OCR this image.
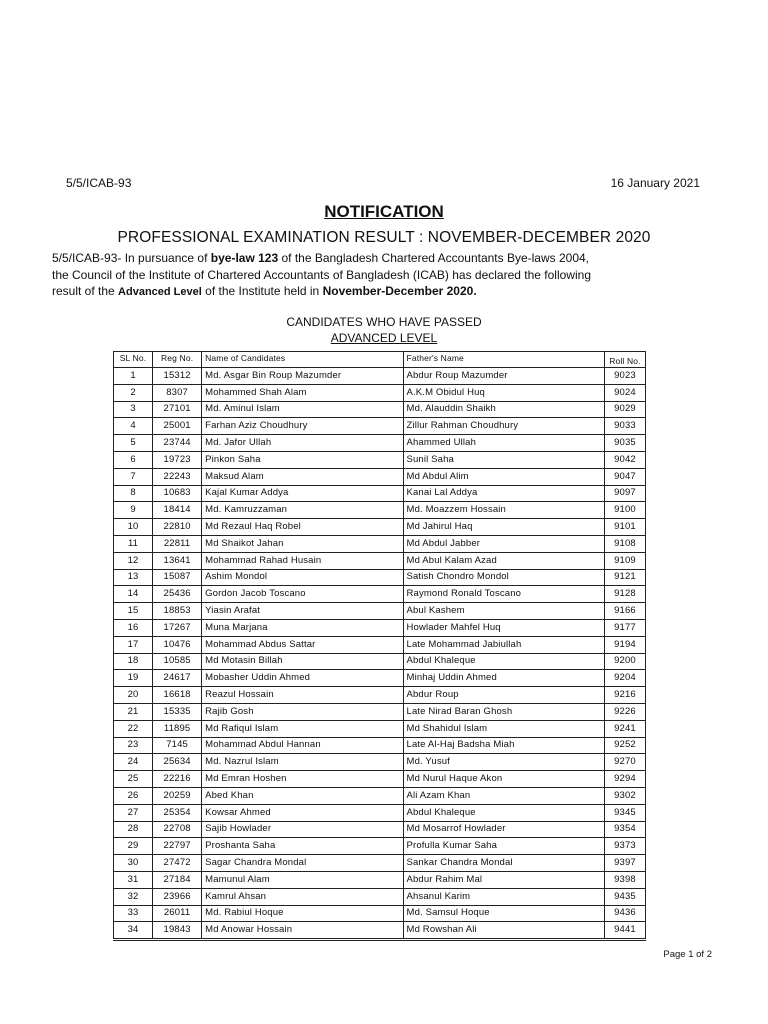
5/5/ICAB-93	16 January 2021
NOTIFICATION
PROFESSIONAL EXAMINATION RESULT : NOVEMBER-DECEMBER 2020
5/5/ICAB-93- In pursuance of bye-law 123 of the Bangladesh Chartered Accountants Bye-laws 2004,
the Council of the Institute of Chartered Accountants of Bangladesh (ICAB) has declared the following
result of the Advanced Level of the Institute held in November-December 2020.
CANDIDATES WHO HAVE PASSED
ADVANCED LEVEL
SL No.	Reg No.	Name of Candidates	Father's Name	Roll No.
1	15312	Md. Asgar Bin Roup Mazumder	Abdur Roup Mazumder	9023
2	8307	Mohammed Shah Alam	A.K.M Obidul Huq	9024
3	27101	Md. Aminul Islam	Md. Alauddin Shaikh	9029
4	25001	Farhan Aziz Choudhury	Zillur Rahman Choudhury	9033
5	23744	Md. Jafor Ullah	Ahammed Ullah	9035
6	19723	Pinkon Saha	Sunil Saha	9042
7	22243	Maksud Alam	Md Abdul Alim	9047
8	10683	Kajal Kumar Addya	Kanai Lal Addya	9097
9	18414	Md. Kamruzzaman	Md. Moazzem Hossain	9100
10	22810	Md Rezaul Haq Robel	Md Jahirul Haq	9101
11	22811	Md Shaikot Jahan	Md Abdul Jabber	9108
12	13641	Mohammad Rahad Husain	Md Abul Kalam Azad	9109
13	15087	Ashim Mondol	Satish Chondro Mondol	9121
14	25436	Gordon Jacob Toscano	Raymond Ronald Toscano	9128
15	18853	Yiasin Arafat	Abul Kashem	9166
16	17267	Muna Marjana	Howlader Mahfel Huq	9177
17	10476	Mohammad Abdus Sattar	Late Mohammad Jabiullah	9194
18	10585	Md Motasin Billah	Abdul Khaleque	9200
19	24617	Mobasher Uddin Ahmed	Minhaj Uddin Ahmed	9204
20	16618	Reazul Hossain	Abdur Roup	9216
21	15335	Rajib Gosh	Late Nirad Baran Ghosh	9226
22	11895	Md Rafiqul Islam	Md Shahidul Islam	9241
23	7145	Mohammad Abdul Hannan	Late Al-Haj Badsha Miah	9252
24	25634	Md. Nazrul Islam	Md. Yusuf	9270
25	22216	Md Emran Hoshen	Md Nurul Haque Akon	9294
26	20259	Abed Khan	Ali Azam Khan	9302
27	25354	Kowsar Ahmed	Abdul Khaleque	9345
28	22708	Sajib Howlader	Md Mosarrof Howlader	9354
29	22797	Proshanta Saha	Profulla Kumar Saha	9373
30	27472	Sagar Chandra Mondal	Sankar Chandra Mondal	9397
31	27184	Mamunul Alam	Abdur Rahim Mal	9398
32	23966	Kamrul Ahsan	Ahsanul Karim	9435
33	26011	Md. Rabiul Hoque	Md. Samsul Hoque	9436
34	19843	Md Anowar Hossain	Md Rowshan Ali	9441
Page 1 of 2
